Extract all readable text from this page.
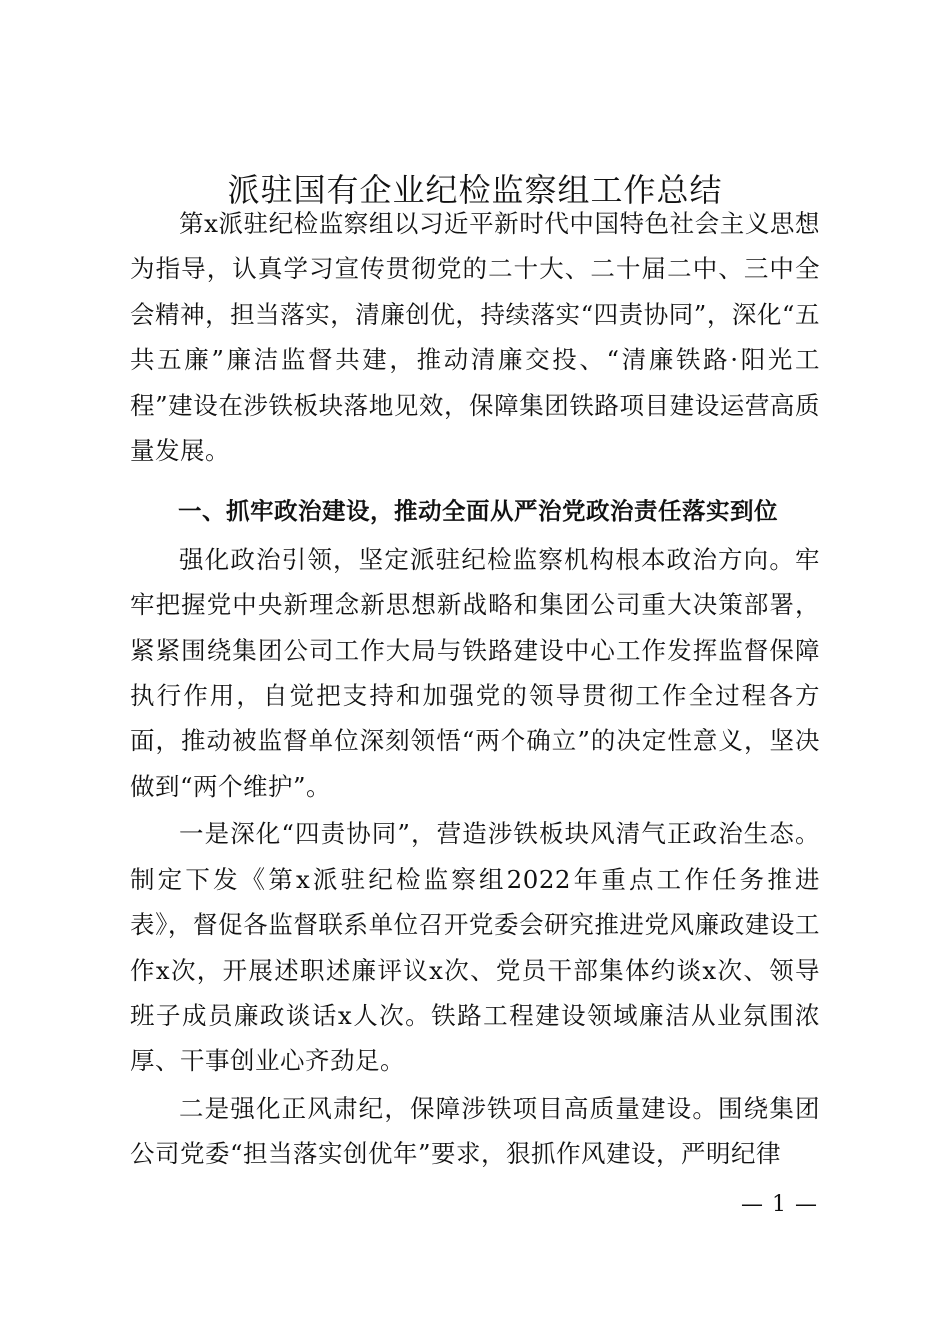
派驻国有企业纪检监察组工作总结

第x派驻纪检监察组以习近平新时代中国特色社会主义思想为指导，认真学习宣传贯彻党的二十大、二十届二中、三中全会精神，担当落实，清廉创优，持续落实“四责协同”，深化“五共五廉”廉洁监督共建，推动清廉交投、“清廉铁路·阳光工程”建设在涉铁板块落地见效，保障集团铁路项目建设运营高质量发展。

一、抓牢政治建设，推动全面从严治党政治责任落实到位

强化政治引领，坚定派驻纪检监察机构根本政治方向。牢牢把握党中央新理念新思想新战略和集团公司重大决策部署，紧紧围绕集团公司工作大局与铁路建设中心工作发挥监督保障执行作用，自觉把支持和加强党的领导贯彻工作全过程各方面，推动被监督单位深刻领悟“两个确立”的决定性意义，坚决做到“两个维护”。

一是深化“四责协同”，营造涉铁板块风清气正政治生态。制定下发《第x派驻纪检监察组2022年重点工作任务推进表》，督促各监督联系单位召开党委会研究推进党风廉政建设工作x次，开展述职述廉评议x次、党员干部集体约谈x次、领导班子成员廉政谈话x人次。铁路工程建设领域廉洁从业氛围浓厚、干事创业心齐劲足。

二是强化正风肃纪，保障涉铁项目高质量建设。围绕集团公司党委“担当落实创优年”要求，狠抓作风建设，严明纪律

— 1 —
